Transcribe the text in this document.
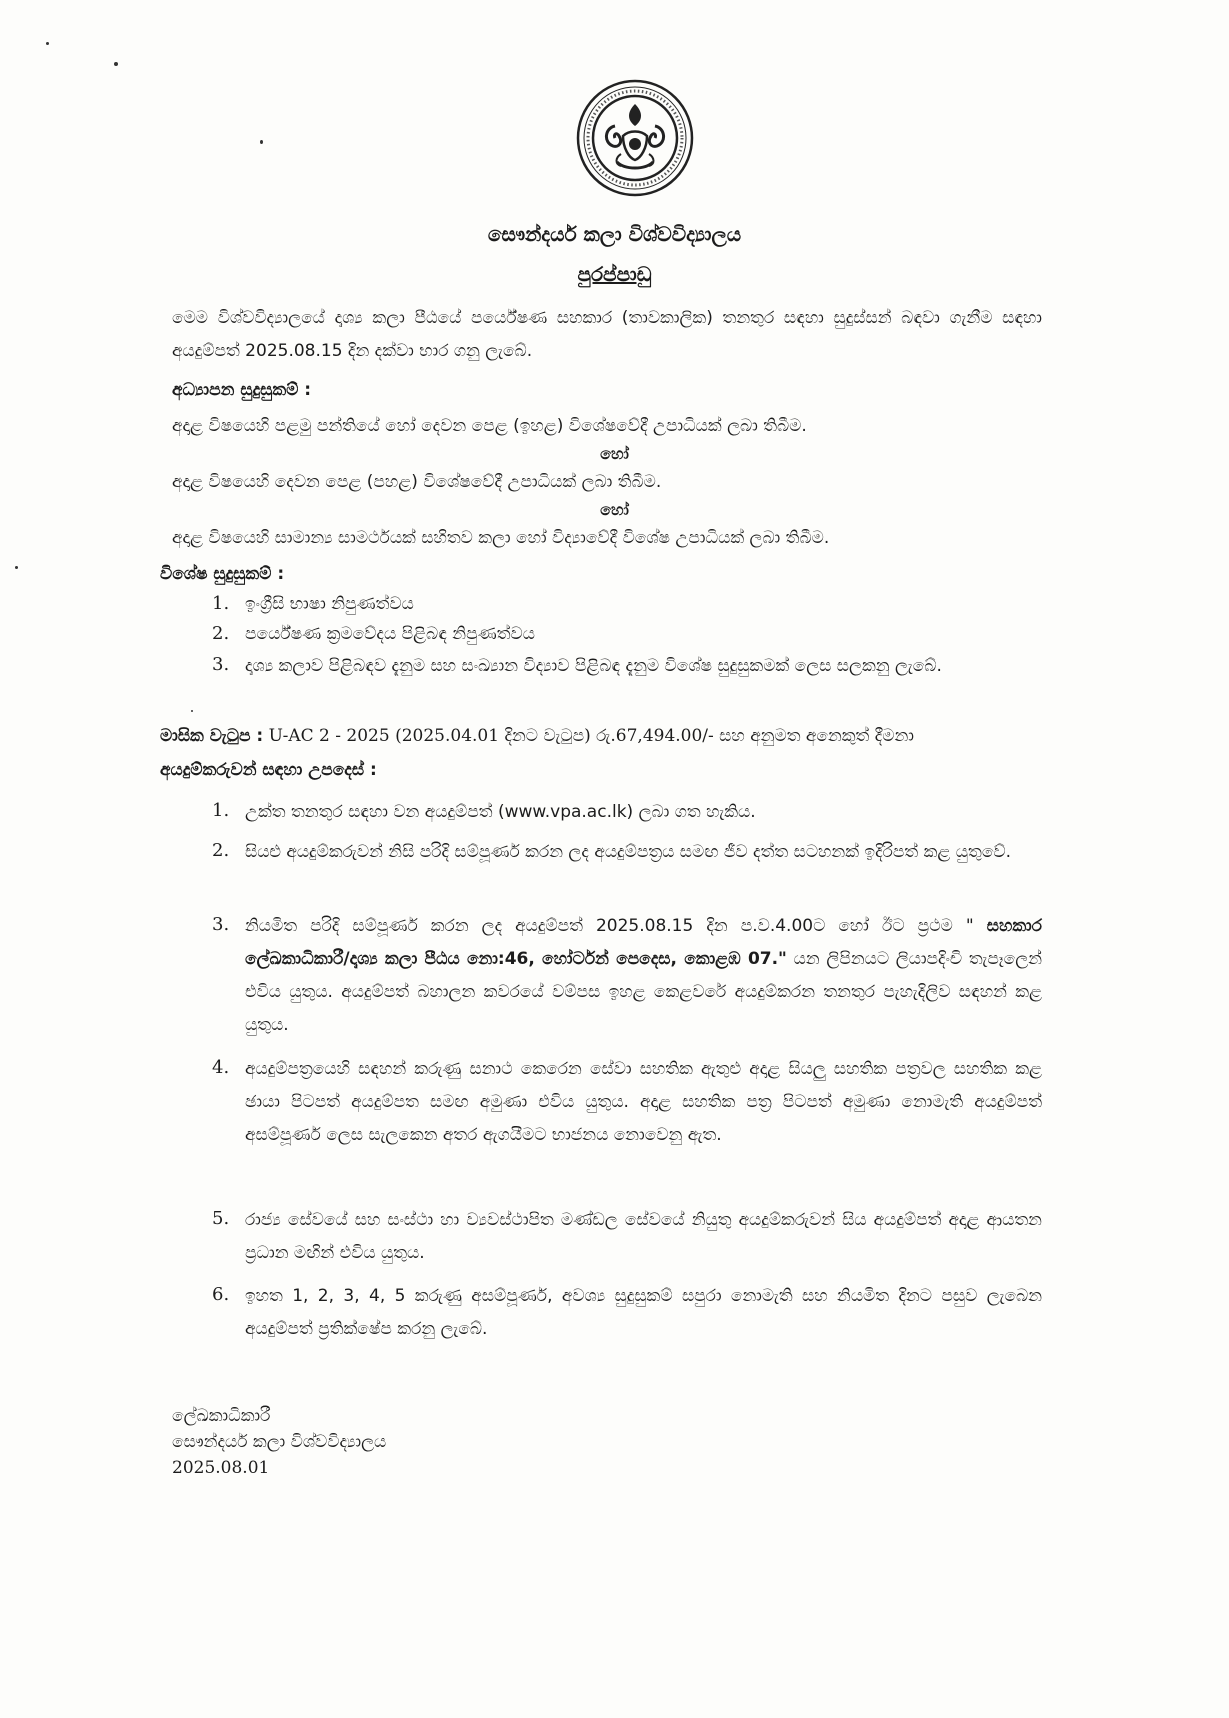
සෞන්දර්ය කලා විශ්වවිද්‍යාලය
පුරප්පාඩු
මෙම විශ්වවිද්‍යාලයේ දෘශ්‍ය කලා පීඨයේ පර්යේෂණ සහකාර (තාවකාලික) තනතුර සඳහා සුදුස්සන් බඳවා ගැනීම සඳහා අයදුම්පත් 2025.08.15 දින දක්වා භාර ගනු ලැබේ.
අධ්‍යාපන සුදුසුකම් :
අදාළ විෂයෙහි පළමු පන්තියේ හෝ දෙවන පෙළ (ඉහළ) විශේෂවේදී උපාධියක් ලබා තිබීම.
හෝ
අදාළ විෂයෙහි දෙවන පෙළ (පහළ) විශේෂවේදී උපාධියක් ලබා තිබීම.
හෝ
අදාළ විෂයෙහි සාමාන්‍ය සාමර්ථයක් සහිතව කලා හෝ විද්‍යාවේදී විශේෂ උපාධියක් ලබා තිබීම.
විශේෂ සුදුසුකම් :
1. ඉංග්‍රීසි භාෂා නිපුණත්වය
2. පර්යේෂණ ක්‍රමවේදය පිළිබඳ නිපුණත්වය
3. දෘශ්‍ය කලාව පිළිබඳව දැනුම සහ සංඛ්‍යාන විද්‍යාව පිළිබඳ දැනුම විශේෂ සුදුසුකමක් ලෙස සලකනු ලැබේ.
මාසික වැටුප : U-AC 2 - 2025 (2025.04.01 දිනට වැටුප) රු.67,494.00/- සහ අනුමත අනෙකුත් දීමනා
අයදුම්කරුවන් සඳහා උපදෙස් :
1. උක්ත තනතුර සඳහා වන අයදුම්පත් (www.vpa.ac.lk) ලබා ගත හැකිය.
2. සියළු අයදුම්කරුවන් නිසි පරිදි සම්පූර්ණ කරන ලද අයදුම්පත්‍රය සමඟ ජීව දත්ත සටහනක් ඉදිරිපත් කළ යුතුවේ.
3. නියමිත පරිදි සම්පූර්ණ කරන ලද අයදුම්පත් 2025.08.15 දින ප.ව.4.00ට හෝ ඊට ප්‍රථම " සහකාර ලේඛකාධිකාරී/දෘශ්‍ය කලා පීඨය නො:46, හෝර්ටන් පෙදෙස, කොළඹ 07." යන ලිපිනයට ලියාපදිංචි තැපෑලෙන් එවිය යුතුය. අයදුම්පත් බහාලන කවරයේ වම්පස ඉහළ කෙළවරේ අයදුම්කරන තනතුර පැහැදිලිව සඳහන් කළ යුතුය.
4. අයදුම්පත්‍රයෙහි සඳහන් කරුණු සනාථ කෙරෙන සේවා සහතික ඇතුළු අදාළ සියලු සහතික පත්‍රවල සහතික කළ ඡායා පිටපත් අයදුම්පත සමඟ අමුණා එවිය යුතුය. අදාළ සහතික පත්‍ර පිටපත් අමුණා නොමැති අයදුම්පත් අසම්පූර්ණ ලෙස සැලකෙන අතර ඇගයීමට භාජනය නොවෙනු ඇත.
5. රාජ්‍ය සේවයේ සහ සංස්ථා හා ව්‍යවස්ථාපිත මණ්ඩල සේවයේ නියුතු අයදුම්කරුවන් සිය අයදුම්පත් අදාළ ආයතන ප්‍රධාන මඟින් එවිය යුතුය.
6. ඉහත 1, 2, 3, 4, 5 කරුණු අසම්පූර්ණ, අවශ්‍ය සුදුසුකම් සපුරා නොමැති සහ නියමිත දිනට පසුව ලැබෙන අයදුම්පත් ප්‍රතික්ෂේප කරනු ලැබේ.
ලේඛකාධිකාරී
සෞන්දර්ය කලා විශ්වවිද්‍යාලය
2025.08.01
